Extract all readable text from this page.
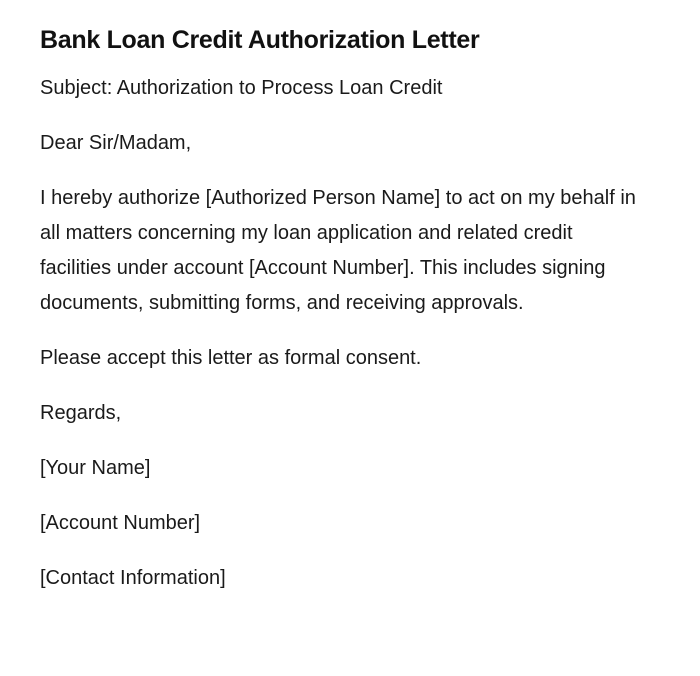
Bank Loan Credit Authorization Letter

Subject: Authorization to Process Loan Credit

Dear Sir/Madam,

I hereby authorize [Authorized Person Name] to act on my behalf in all matters concerning my loan application and related credit facilities under account [Account Number]. This includes signing documents, submitting forms, and receiving approvals.

Please accept this letter as formal consent.

Regards,

[Your Name]

[Account Number]

[Contact Information]
